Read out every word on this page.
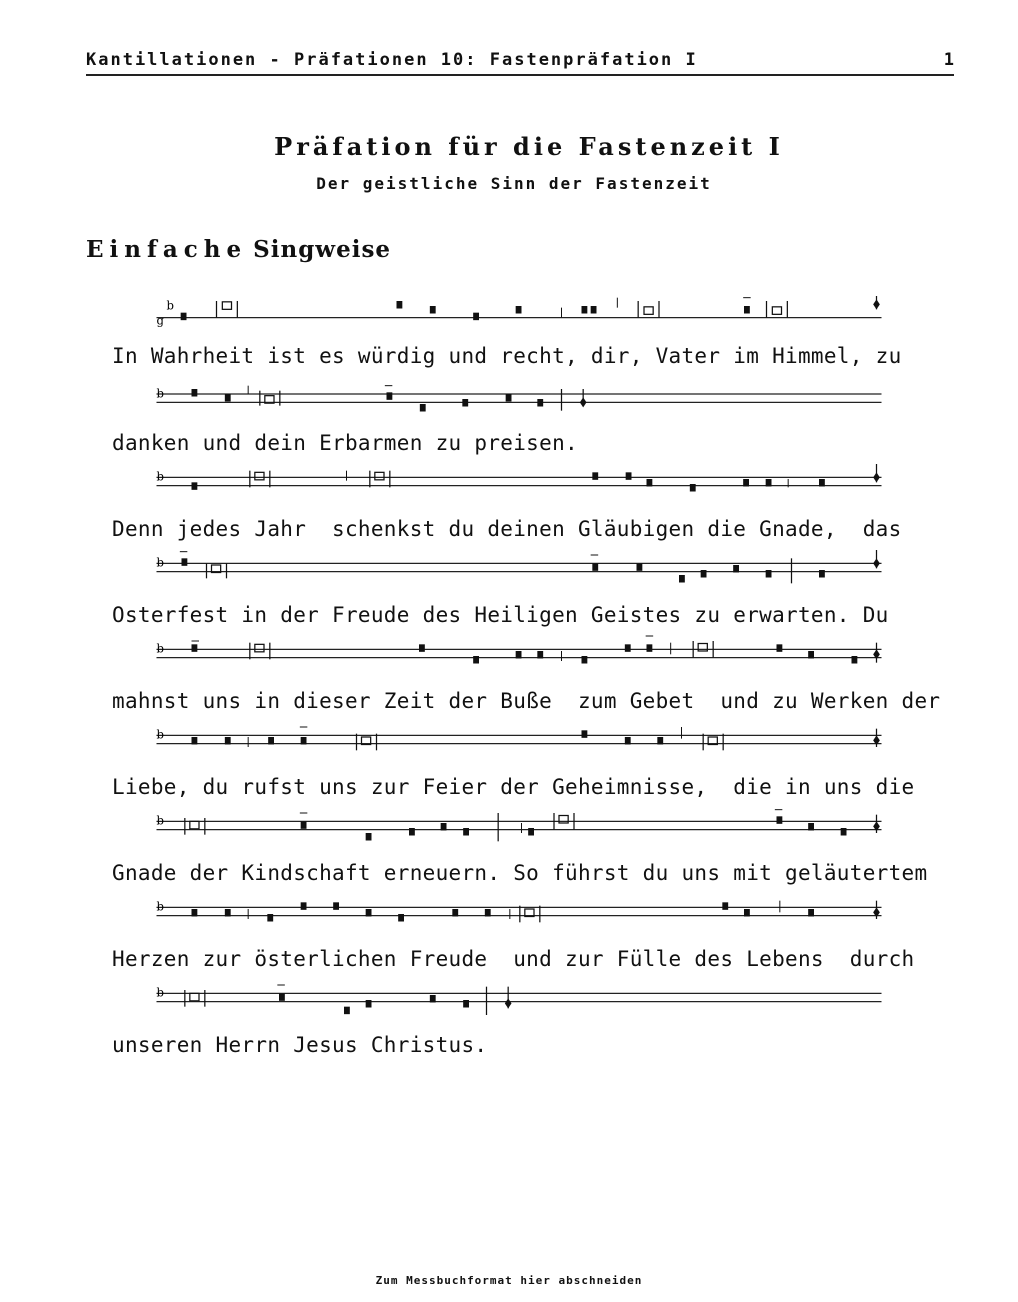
Kantillationen - Präfationen 10: Fastenpräfation I	1
Präfation für die Fastenzeit I
Der geistliche Sinn der Fastenzeit
Einfache Singweise
b
g
In Wahrheit ist es würdig und recht, dir, Vater im Himmel, zu
b
danken und dein Erbarmen zu preisen.
b
Denn jedes Jahr  schenkst du deinen Gläubigen die Gnade,  das
b
Osterfest in der Freude des Heiligen Geistes zu erwarten. Du
b
mahnst uns in dieser Zeit der Buße  zum Gebet  und zu Werken der
b
Liebe, du rufst uns zur Feier der Geheimnisse,  die in uns die
b
Gnade der Kindschaft erneuern. So führst du uns mit geläutertem
b
Herzen zur österlichen Freude  und zur Fülle des Lebens  durch
b
unseren Herrn Jesus Christus.
Zum Messbuchformat hier abschneiden
